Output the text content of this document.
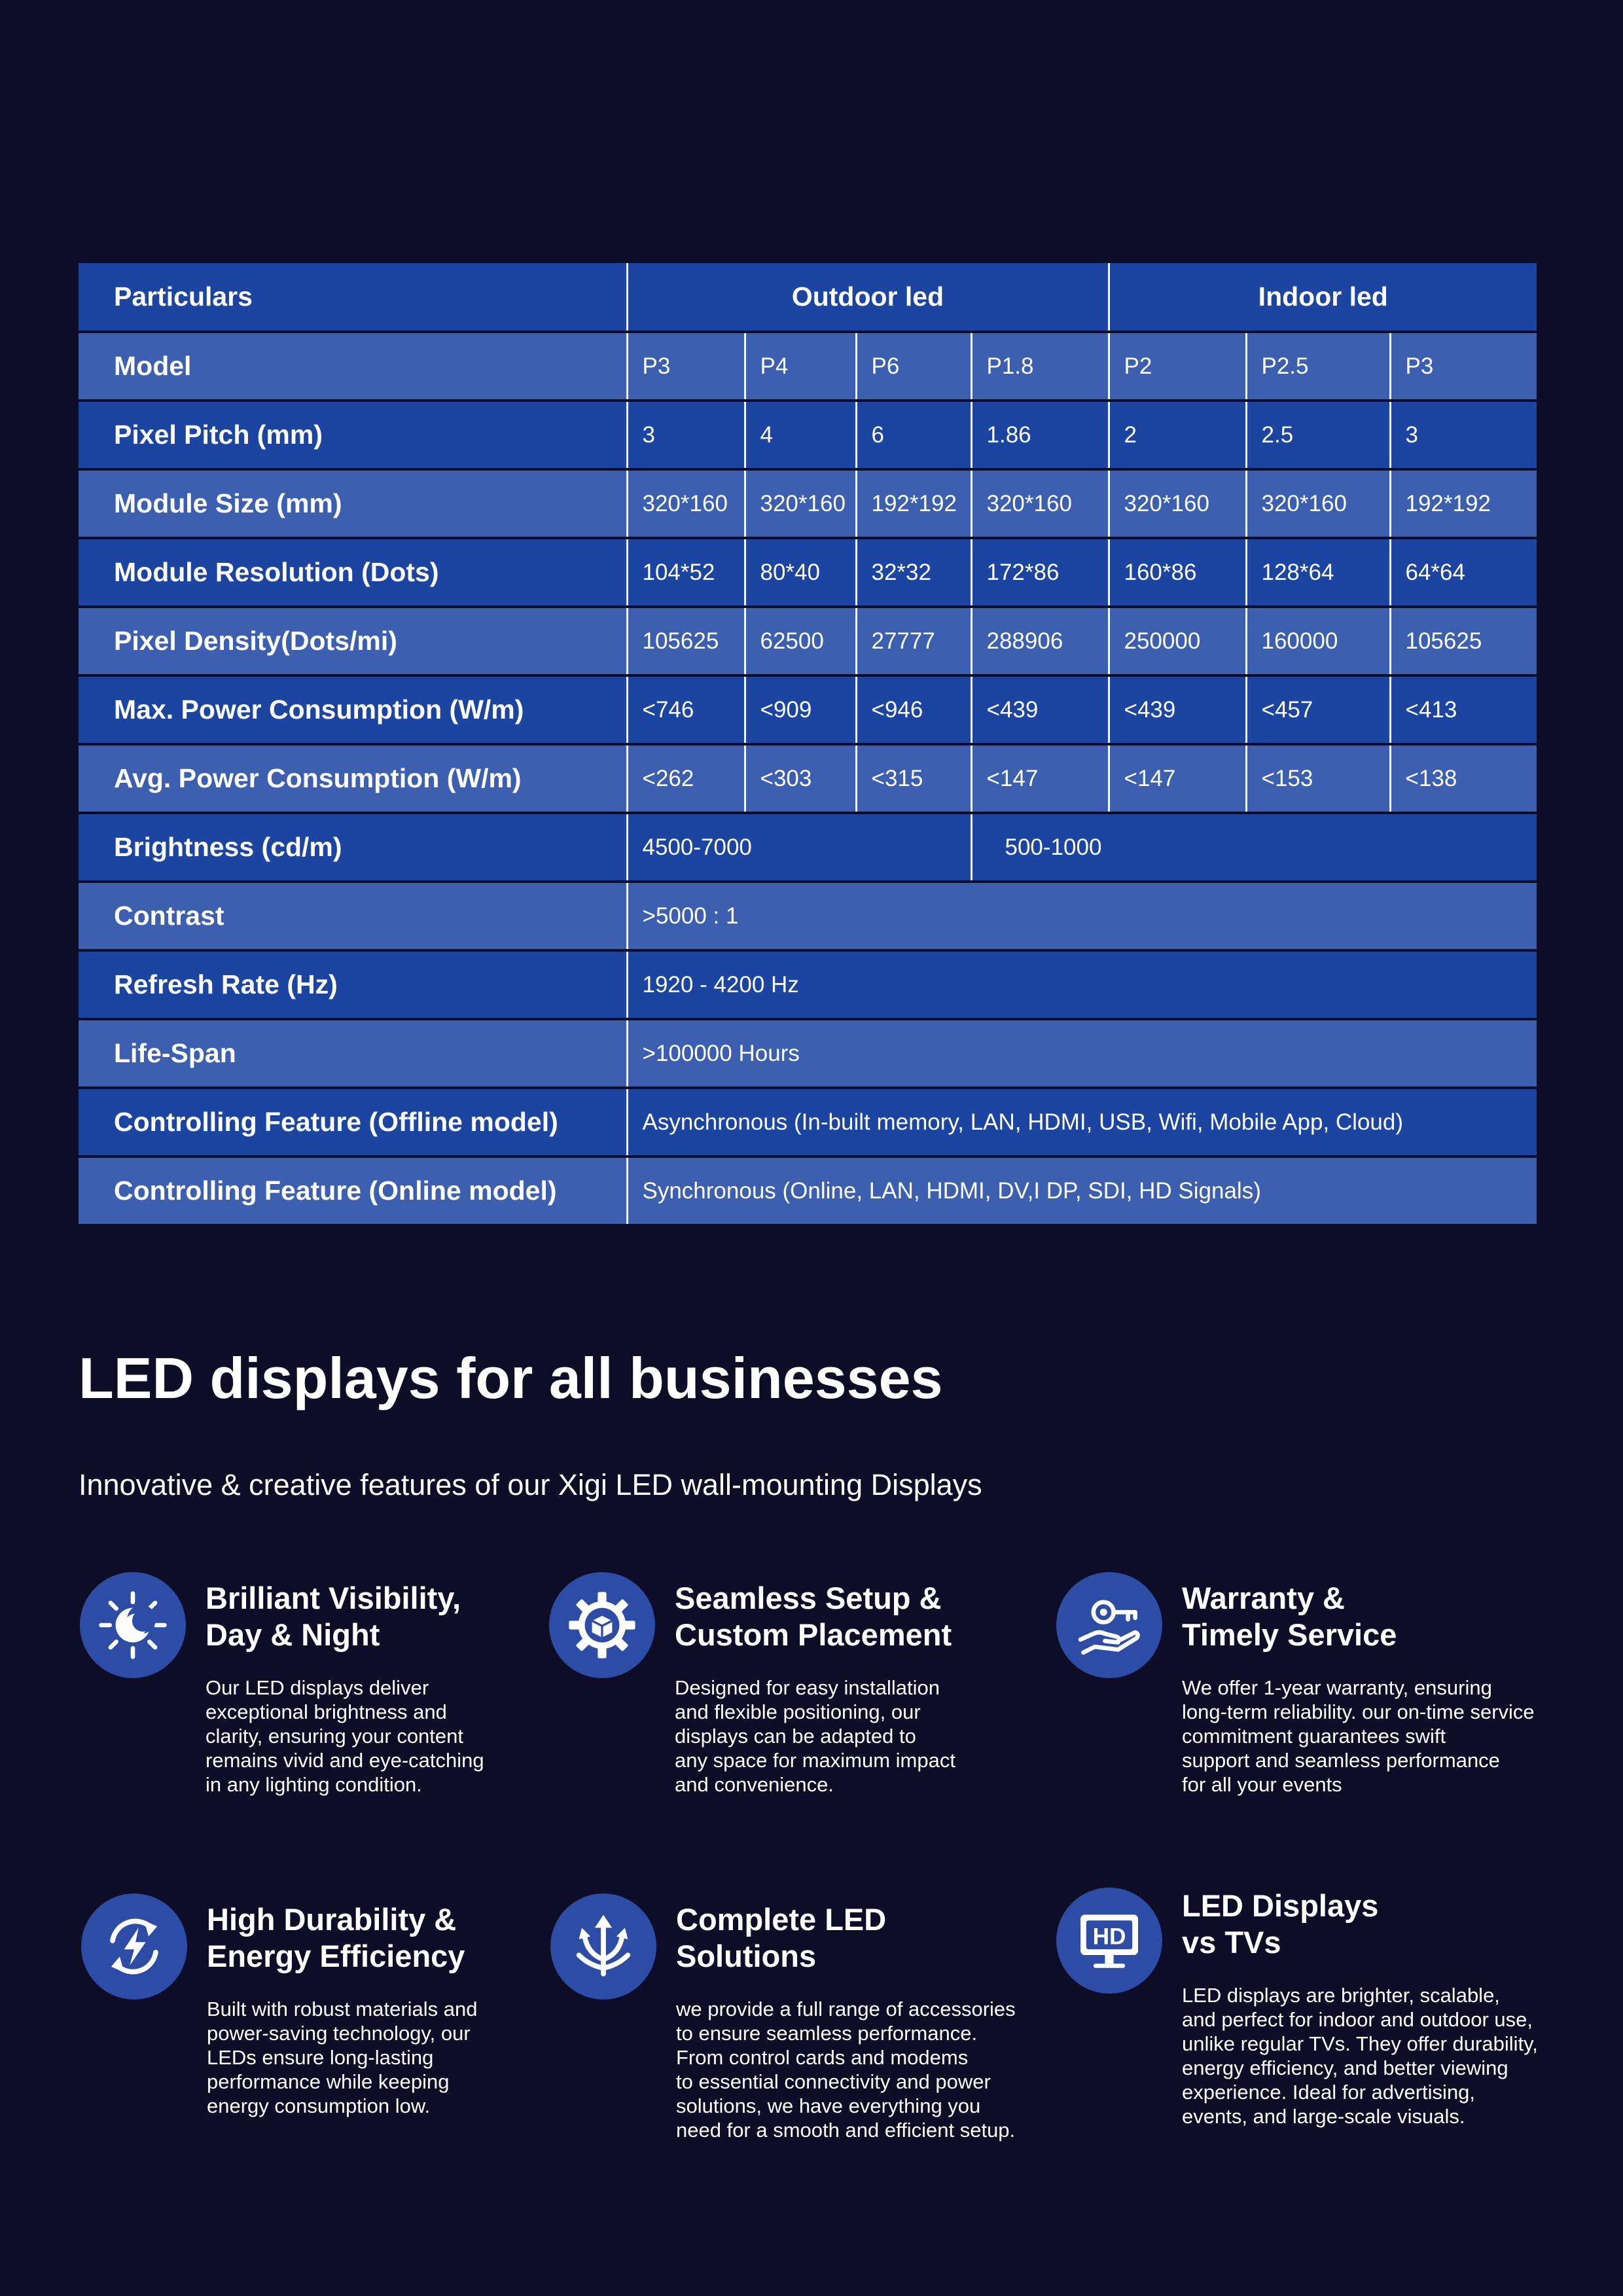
Particulars	Outdoor led				Indoor led		
Model	P3	P4	P6	P1.8	P2	P2.5	P3
Pixel Pitch (mm)	3	4	6	1.86	2	2.5	3
Module Size (mm)	320*160	320*160	192*192	320*160	320*160	320*160	192*192
Module Resolution (Dots)	104*52	80*40	32*32	172*86	160*86	128*64	64*64
Pixel Density(Dots/mi)	105625	62500	27777	288906	250000	160000	105625
Max. Power Consumption (W/m)	<746	<909	<946	<439	<439	<457	<413
Avg. Power Consumption (W/m)	<262	<303	<315	<147	<147	<153	<138
Brightness (cd/m)	4500-7000			500-1000			
Contrast	>5000 : 1						
Refresh Rate (Hz)	1920 - 4200 Hz						
Life-Span	>100000 Hours						
Controlling Feature (Offline model)	Asynchronous (In-built memory, LAN, HDMI, USB, Wifi, Mobile App, Cloud)						
Controlling Feature (Online model)	Synchronous (Online, LAN, HDMI, DV,I DP, SDI, HD Signals)						
LED displays for all businesses
Innovative & creative features of our Xigi LED wall-mounting Displays

Brilliant Visibility,
Day & Night

Our LED displays deliver
exceptional brightness and
clarity, ensuring your content
remains vivid and eye-catching
in any lighting condition.

Seamless Setup &
Custom Placement

Designed for easy installation
and flexible positioning, our
displays can be adapted to
any space for maximum impact
and convenience.

Warranty &
Timely Service

We offer 1-year warranty, ensuring
long-term reliability. our on-time service
commitment guarantees swift
support and seamless performance
for all your events

High Durability &
Energy Efficiency

Built with robust materials and
power-saving technology, our
LEDs ensure long-lasting
performance while keeping
energy consumption low.

Complete LED
Solutions

we provide a full range of accessories
to ensure seamless performance.
From control cards and modems
to essential connectivity and power
solutions, we have everything you
need for a smooth and efficient setup.

HD

LED Displays
vs TVs

LED displays are brighter, scalable,
and perfect for indoor and outdoor use,
unlike regular TVs. They offer durability,
energy efficiency, and better viewing
experience. Ideal for advertising,
events, and large-scale visuals.
